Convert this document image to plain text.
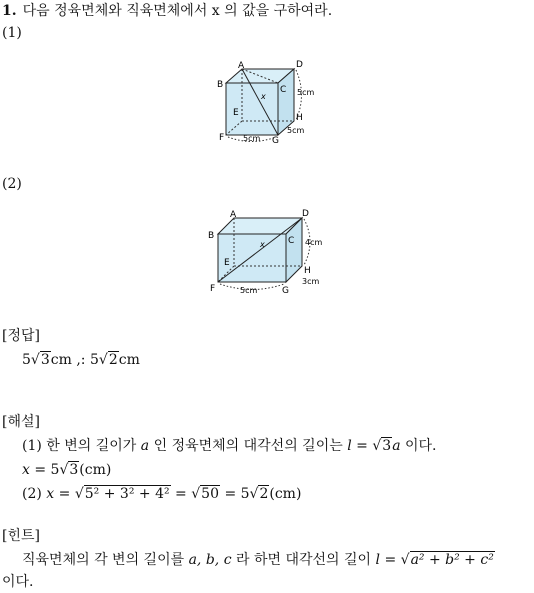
1. 다음 정육면체와 직육면체에서 x 의 값을 구하여라.
(1)
A	D
B	C
E	H
F	G
x	5cm
5cm
5cm
(2)
A	D
B	C
E
H
F	G
x	4cm
3cm
5cm
[정답]
5√3cm ,: 5√2cm
[해설]
(1) 한 변의 길이가 a 인 정육면체의 대각선의 길이는 l = √3a 이다.
x = 5√3(cm)
(2) x = √5² + 3² + 4² = √50 = 5√2(cm)
[힌트]
직육면체의 각 변의 길이를 a, b, c 라 하면 대각선의 길이 l = √a² + b² + c²
이다.
